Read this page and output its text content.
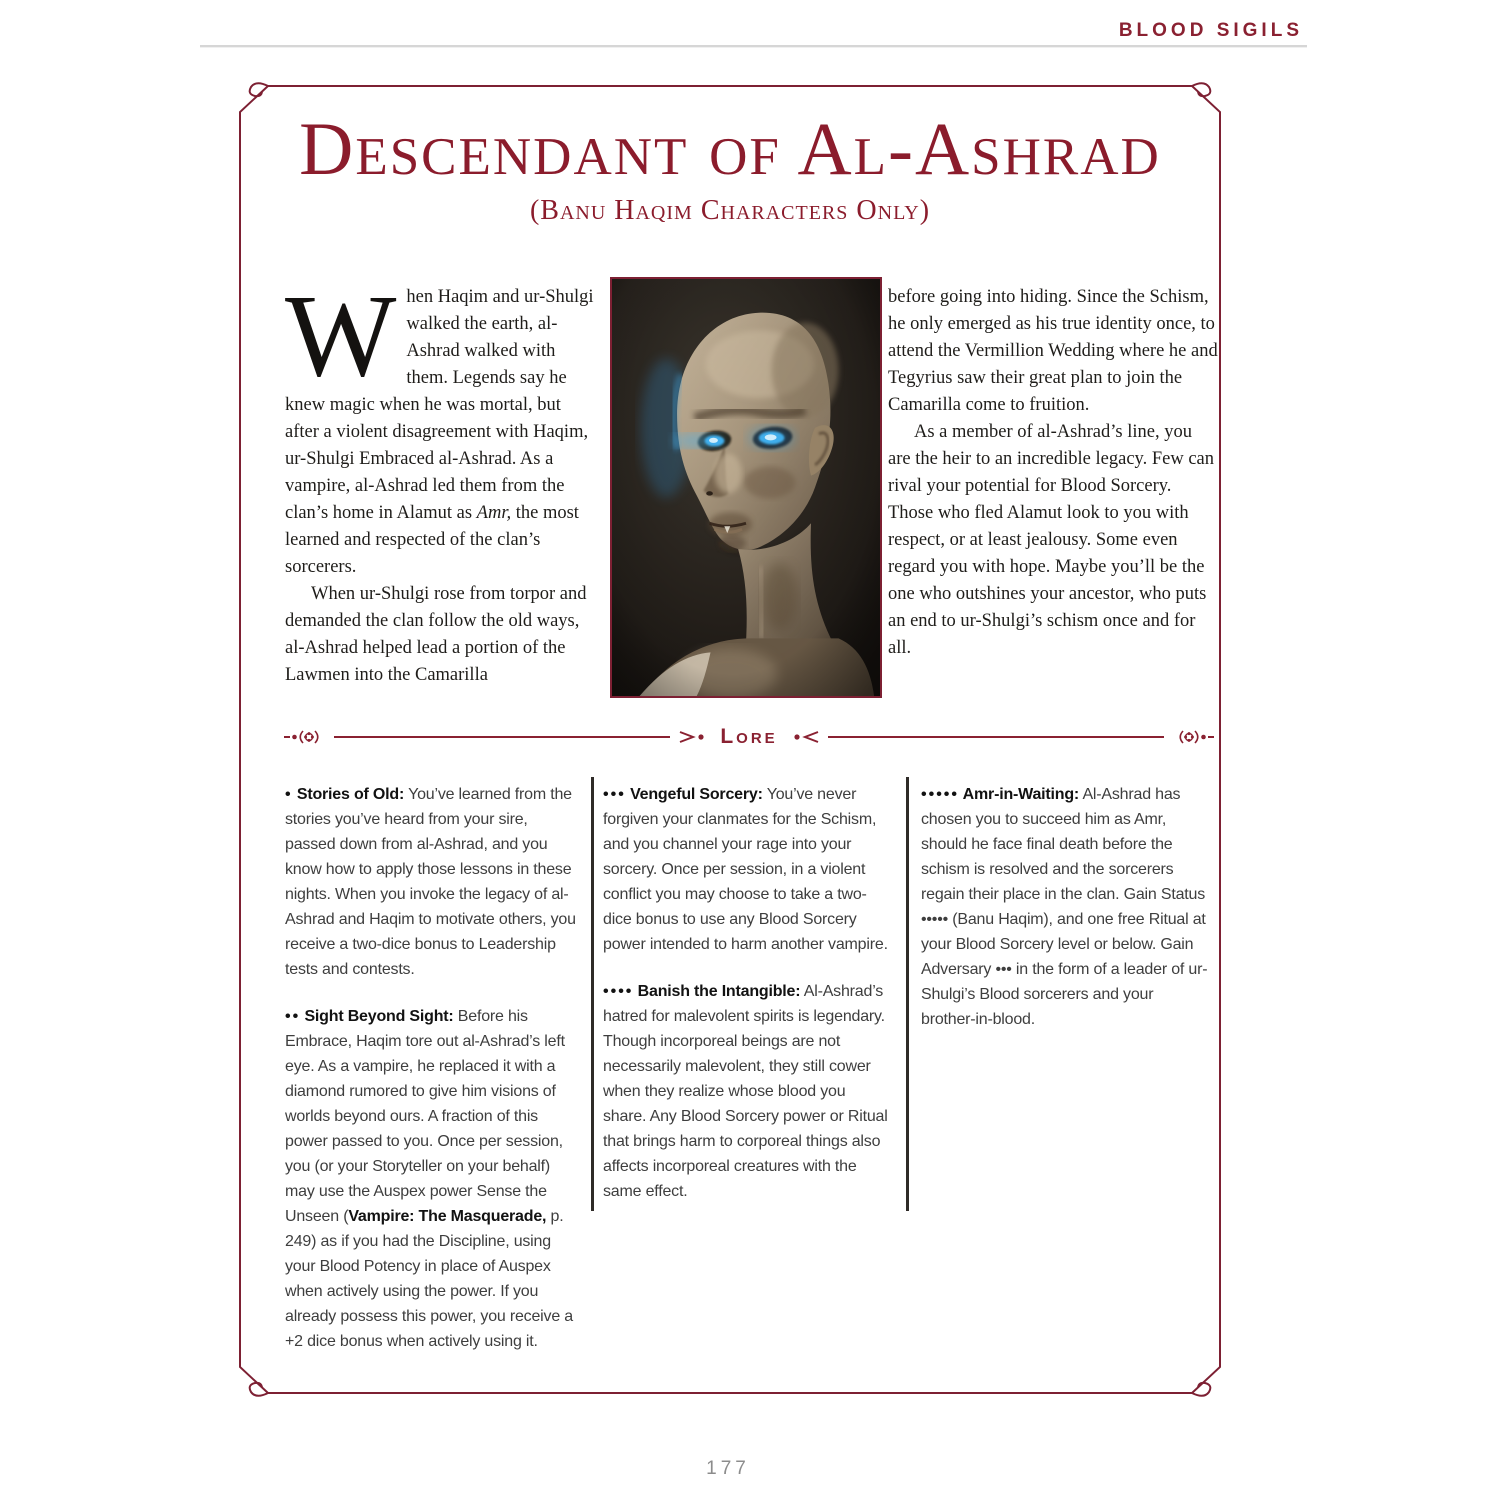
BLOOD SIGILS
Descendant of Al-Ashrad
(Banu Haqim Characters Only)

When Haqim and ur-Shulgi walked the earth, al-Ashrad walked with them. Legends say he knew magic when he was mortal, but after a violent disagreement with Haqim, ur-Shulgi Embraced al-Ashrad. As a vampire, al-Ashrad led them from the clan’s home in Alamut as Amr, the most learned and respected of the clan’s sorcerers.

When ur-Shulgi rose from torpor and demanded the clan follow the old ways, al-Ashrad helped lead a portion of the Lawmen into the Camarilla

before going into hiding. Since the Schism, he only emerged as his true identity once, to attend the Vermillion Wedding where he and Tegyrius saw their great plan to join the Camarilla come to fruition.

As a member of al-Ashrad’s line, you are the heir to an incredible legacy. Few can rival your potential for Blood Sorcery. Those who fled Alamut look to you with respect, or at least jealousy. Some even regard you with hope. Maybe you’ll be the one who outshines your ancestor, who puts an end to ur-Shulgi’s schism once and for all.

Lore

• Stories of Old: You’ve learned from the stories you’ve heard from your sire, passed down from al-Ashrad, and you know how to apply those lessons in these nights. When you invoke the legacy of al-Ashrad and Haqim to motivate others, you receive a two-dice bonus to Leadership tests and contests.

•• Sight Beyond Sight: Before his Embrace, Haqim tore out al-Ashrad’s left eye. As a vampire, he replaced it with a diamond rumored to give him visions of worlds beyond ours. A fraction of this power passed to you. Once per session, you (or your Storyteller on your behalf) may use the Auspex power Sense the Unseen (Vampire: The Masquerade, p. 249) as if you had the Discipline, using your Blood Potency in place of Auspex when actively using the power. If you already possess this power, you receive a +2 dice bonus when actively using it.

••• Vengeful Sorcery: You’ve never forgiven your clanmates for the Schism, and you channel your rage into your sorcery. Once per session, in a violent conflict you may choose to take a two-dice bonus to use any Blood Sorcery power intended to harm another vampire.

•••• Banish the Intangible: Al-Ashrad’s hatred for malevolent spirits is legendary. Though incorporeal beings are not necessarily malevolent, they still cower when they realize whose blood you share. Any Blood Sorcery power or Ritual that brings harm to corporeal things also affects incorporeal creatures with the same effect.

••••• Amr-in-Waiting: Al-Ashrad has chosen you to succeed him as Amr, should he face final death before the schism is resolved and the sorcerers regain their place in the clan. Gain Status ••••• (Banu Haqim), and one free Ritual at your Blood Sorcery level or below. Gain Adversary ••• in the form of a leader of ur-Shulgi’s Blood sorcerers and your brother-in-blood.

177
